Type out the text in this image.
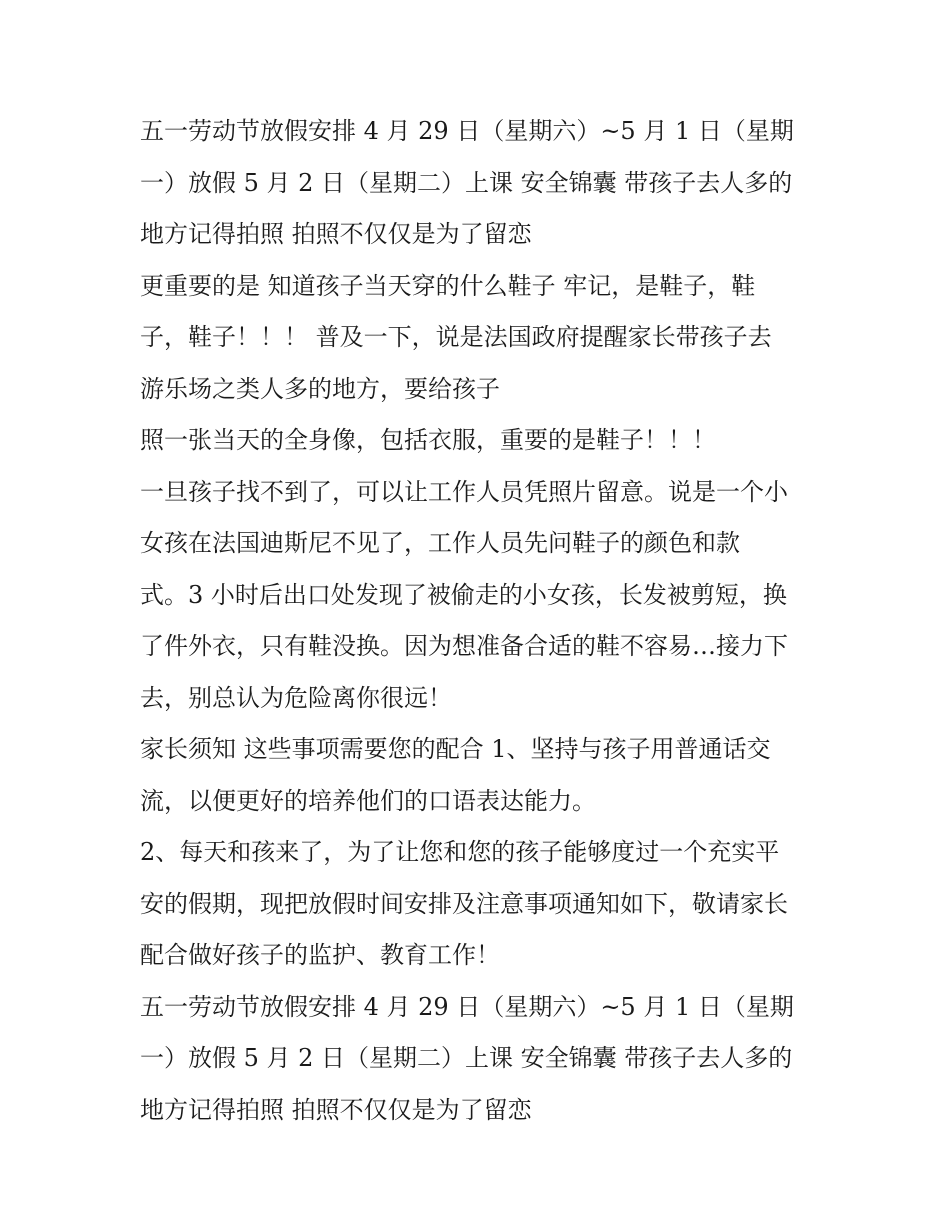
五一劳动节放假安排 4 月 29 日（星期六）~5 月 1 日（星期
一）放假 5 月 2 日（星期二）上课 安全锦囊 带孩子去人多的
地方记得拍照 拍照不仅仅是为了留恋
更重要的是 知道孩子当天穿的什么鞋子 牢记，是鞋子，鞋
子，鞋子！！！ 普及一下，说是法国政府提醒家长带孩子去
游乐场之类人多的地方，要给孩子
照一张当天的全身像，包括衣服，重要的是鞋子！！！
一旦孩子找不到了，可以让工作人员凭照片留意。说是一个小
女孩在法国迪斯尼不见了，工作人员先问鞋子的颜色和款
式。3 小时后出口处发现了被偷走的小女孩，长发被剪短，换
了件外衣，只有鞋没换。因为想准备合适的鞋不容易…接力下
去，别总认为危险离你很远！
家长须知 这些事项需要您的配合 1、坚持与孩子用普通话交
流，以便更好的培养他们的口语表达能力。
2、每天和孩来了，为了让您和您的孩子能够度过一个充实平
安的假期，现把放假时间安排及注意事项通知如下，敬请家长
配合做好孩子的监护、教育工作！
五一劳动节放假安排 4 月 29 日（星期六）~5 月 1 日（星期
一）放假 5 月 2 日（星期二）上课 安全锦囊 带孩子去人多的
地方记得拍照 拍照不仅仅是为了留恋
